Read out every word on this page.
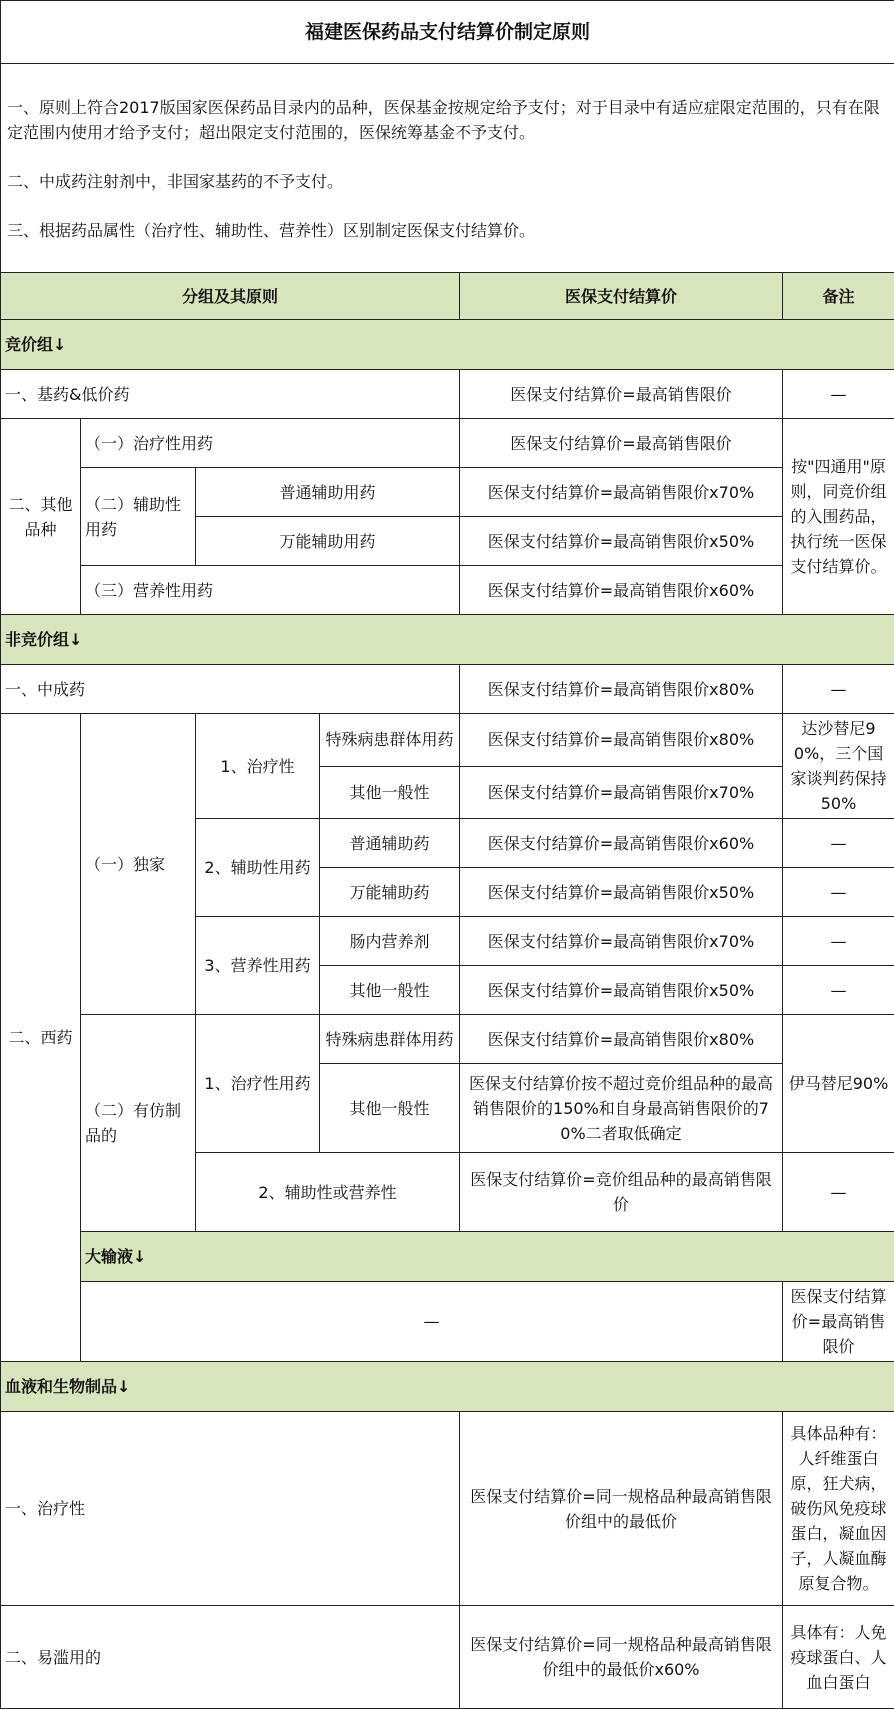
福建医保药品支付结算价制定原则						

一、原则上符合2017版国家医保药品目录内的品种，医保基金按规定给予支付；对于目录中有适应症限定范围的，只有在限定范围内使用才给予支付；超出限定支付范围的，医保统筹基金不予支付。

二、中成药注射剂中，非国家基药的不予支付。

三、根据药品属性（治疗性、辅助性、营养性）区别制定医保支付结算价。						

分组及其原则				医保支付结算价	备注	
竞价组↓						
一、基药&低价药				医保支付结算价=最高销售限价	—	
二、其他品种	（一）治疗性用药			医保支付结算价=最高销售限价	按"四通用"原则，同竞价组的入围药品，执行统一医保支付结算价。	
	（二）辅助性用药	普通辅助用药		医保支付结算价=最高销售限价x70%		
		万能辅助用药		医保支付结算价=最高销售限价x50%		
	（三）营养性用药			医保支付结算价=最高销售限价x60%		
非竞价组↓						
一、中成药				医保支付结算价=最高销售限价x80%	—	
二、西药	（一）独家	1、治疗性	特殊病患群体用药	医保支付结算价=最高销售限价x80%	达沙替尼90%，三个国家谈判药保持50%	
			其他一般性	医保支付结算价=最高销售限价x70%		
		2、辅助性用药	普通辅助药	医保支付结算价=最高销售限价x60%	—	
			万能辅助药	医保支付结算价=最高销售限价x50%	—	
		3、营养性用药	肠内营养剂	医保支付结算价=最高销售限价x70%	—	
			其他一般性	医保支付结算价=最高销售限价x50%	—	
	（二）有仿制品的	1、治疗性用药	特殊病患群体用药	医保支付结算价=最高销售限价x80%	伊马替尼90%	
			其他一般性	医保支付结算价按不超过竞价组品种的最高销售限价的150%和自身最高销售限价的70%二者取低确定		
		2、辅助性或营养性		医保支付结算价=竞价组品种的最高销售限价	—	
	大输液↓					
	—				医保支付结算价=最高销售限价	
血液和生物制品↓						
一、治疗性				医保支付结算价=同一规格品种最高销售限价组中的最低价	具体品种有：人纤维蛋白原，狂犬病，破伤风免疫球蛋白，凝血因子，人凝血酶原复合物。	
二、易滥用的				医保支付结算价=同一规格品种最高销售限价组中的最低价x60%	具体有：人免疫球蛋白、人血白蛋白	
